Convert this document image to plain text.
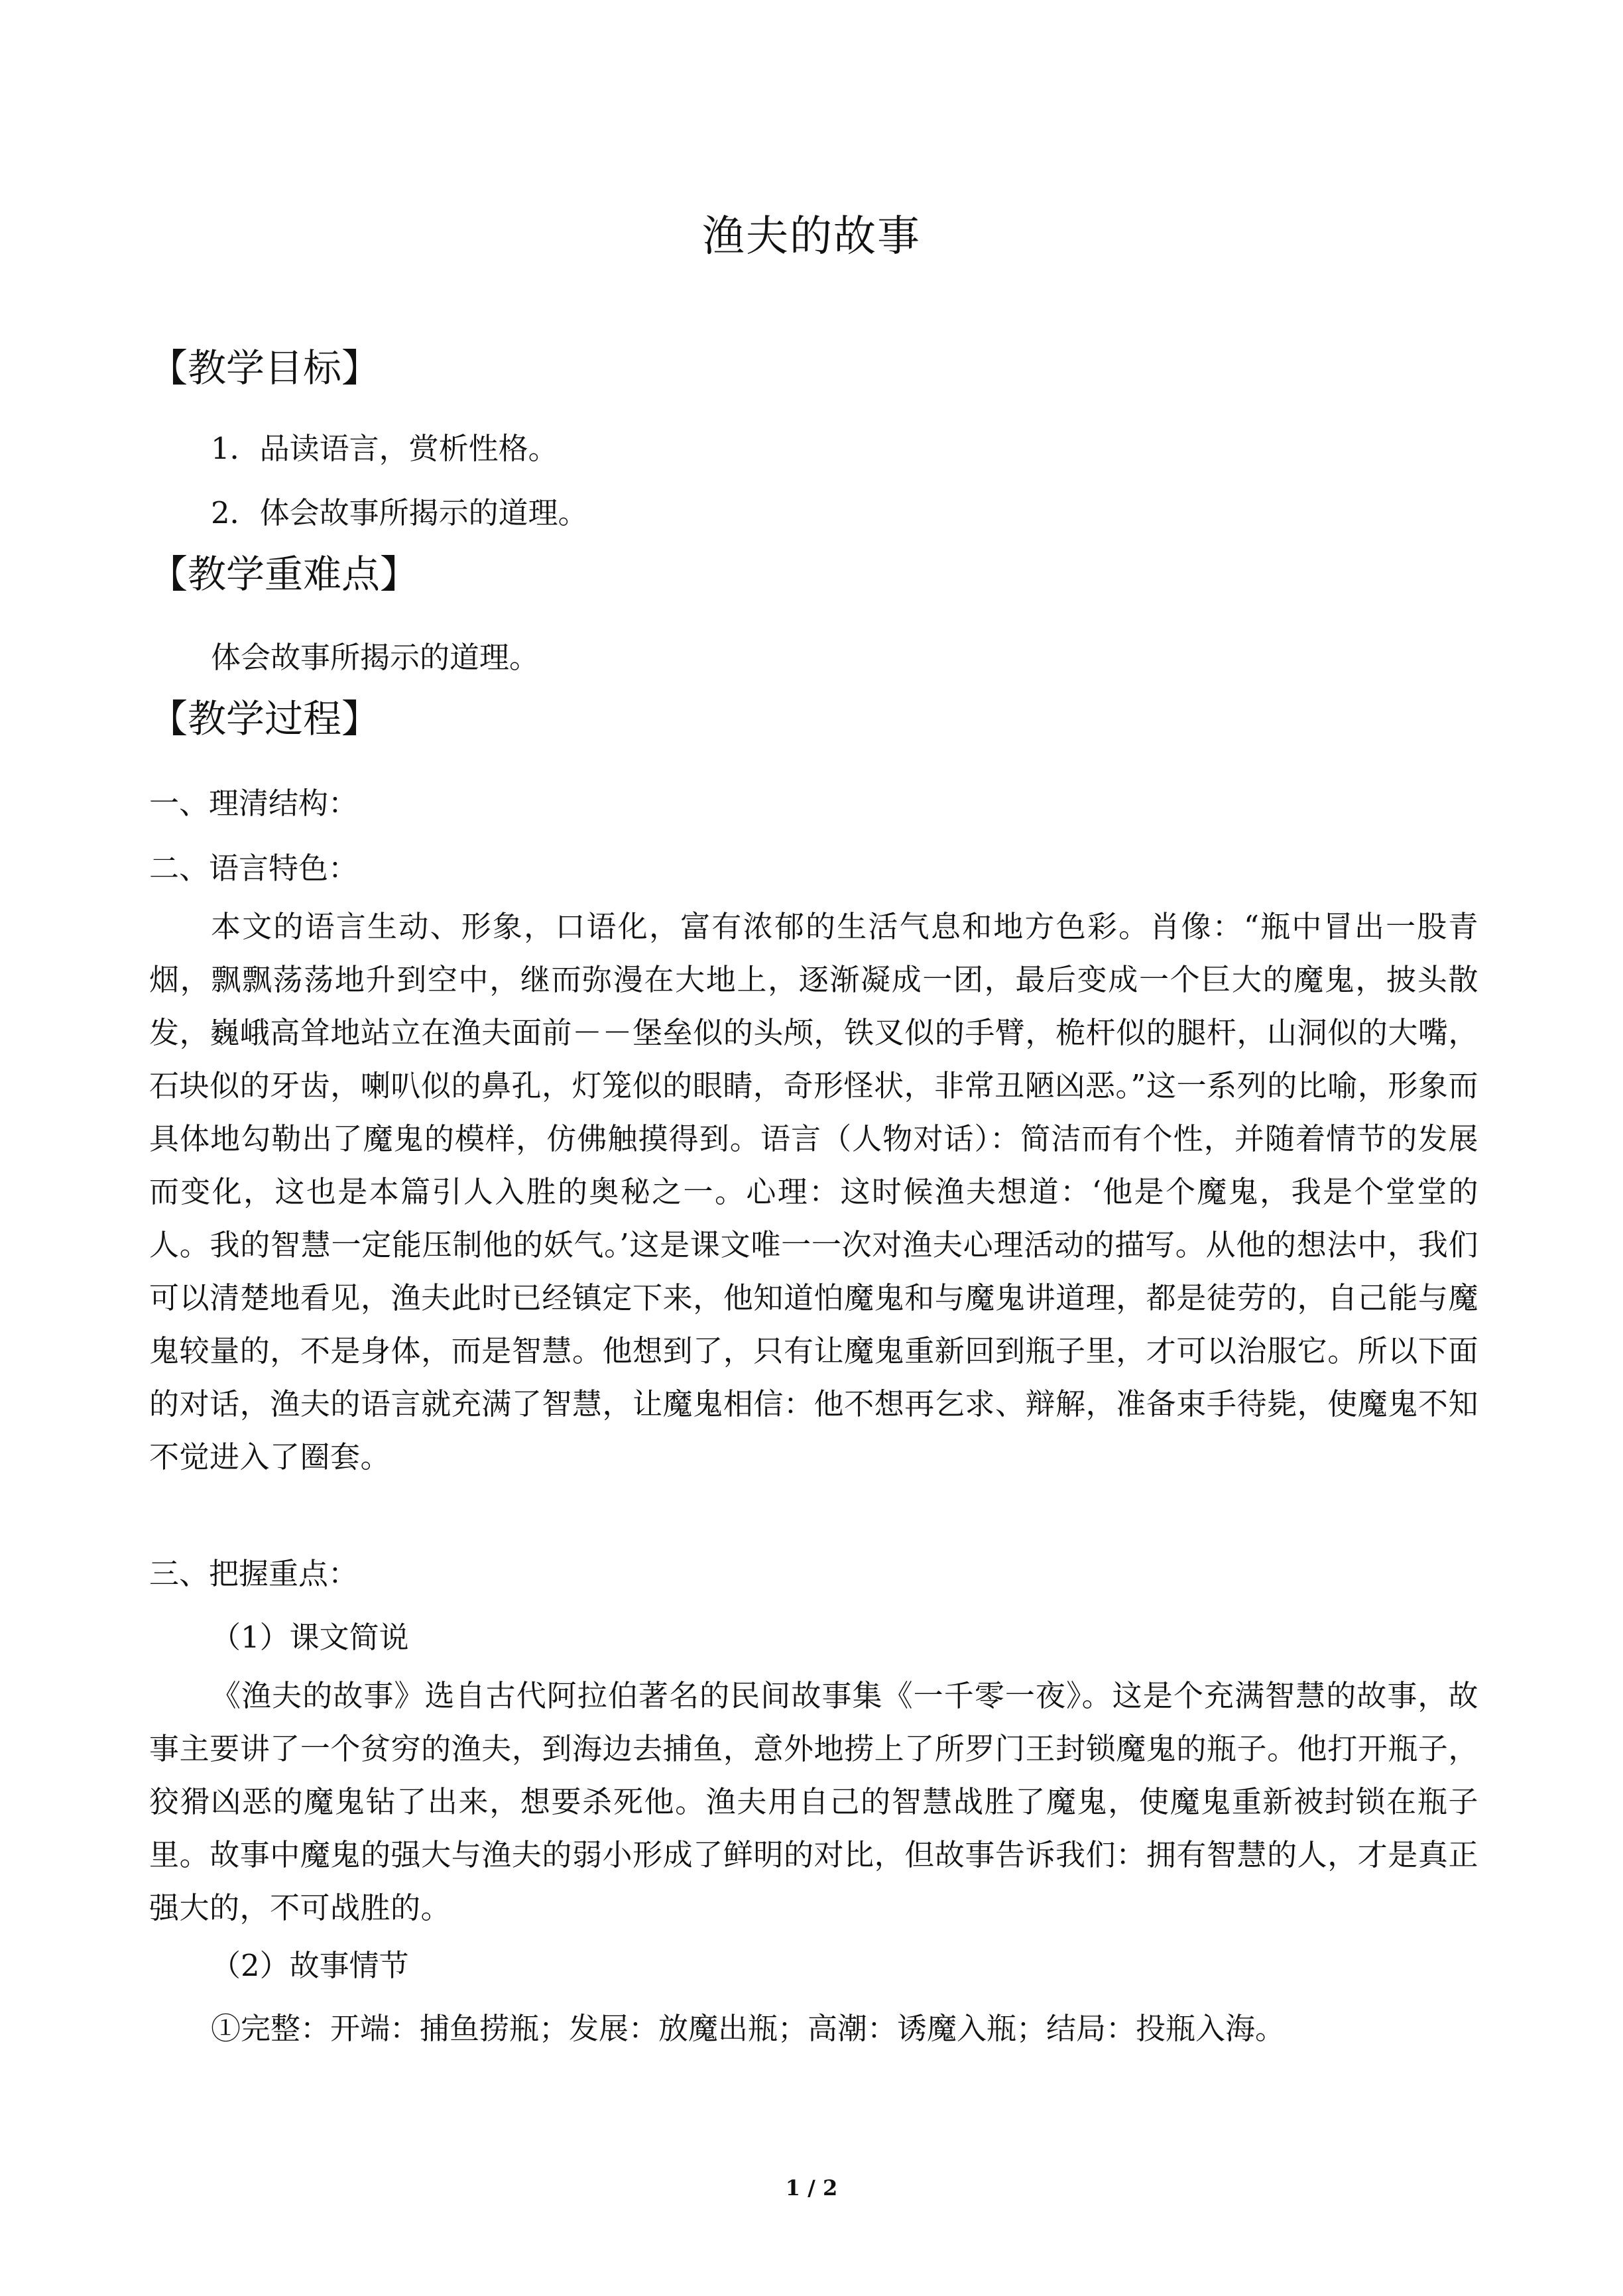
渔夫的故事
【教学目标】
1．品读语言，赏析性格。
2．体会故事所揭示的道理。
【教学重难点】
体会故事所揭示的道理。
【教学过程】
一、理清结构：
二、语言特色：
本文的语言生动、形象，口语化，富有浓郁的生活气息和地方色彩。肖像：“瓶中冒出一股青烟，飘飘荡荡地升到空中，继而弥漫在大地上，逐渐凝成一团，最后变成一个巨大的魔鬼，披头散发，巍峨高耸地站立在渔夫面前－－堡垒似的头颅，铁叉似的手臂，桅杆似的腿杆，山洞似的大嘴，石块似的牙齿，喇叭似的鼻孔，灯笼似的眼睛，奇形怪状，非常丑陋凶恶。”这一系列的比喻，形象而具体地勾勒出了魔鬼的模样，仿佛触摸得到。语言（人物对话）：简洁而有个性，并随着情节的发展而变化，这也是本篇引人入胜的奥秘之一。心理：这时候渔夫想道：‘他是个魔鬼，我是个堂堂的人。我的智慧一定能压制他的妖气。’这是课文唯一一次对渔夫心理活动的描写。从他的想法中，我们可以清楚地看见，渔夫此时已经镇定下来，他知道怕魔鬼和与魔鬼讲道理，都是徒劳的，自己能与魔鬼较量的，不是身体，而是智慧。他想到了，只有让魔鬼重新回到瓶子里，才可以治服它。所以下面的对话，渔夫的语言就充满了智慧，让魔鬼相信：他不想再乞求、辩解，准备束手待毙，使魔鬼不知不觉进入了圈套。
三、把握重点：
（1）课文简说
《渔夫的故事》选自古代阿拉伯著名的民间故事集《一千零一夜》。这是个充满智慧的故事，故事主要讲了一个贫穷的渔夫，到海边去捕鱼，意外地捞上了所罗门王封锁魔鬼的瓶子。他打开瓶子，狡猾凶恶的魔鬼钻了出来，想要杀死他。渔夫用自己的智慧战胜了魔鬼，使魔鬼重新被封锁在瓶子里。故事中魔鬼的强大与渔夫的弱小形成了鲜明的对比，但故事告诉我们：拥有智慧的人，才是真正强大的，不可战胜的。
（2）故事情节
①完整：开端：捕鱼捞瓶；发展：放魔出瓶；高潮：诱魔入瓶；结局：投瓶入海。
1 / 2
